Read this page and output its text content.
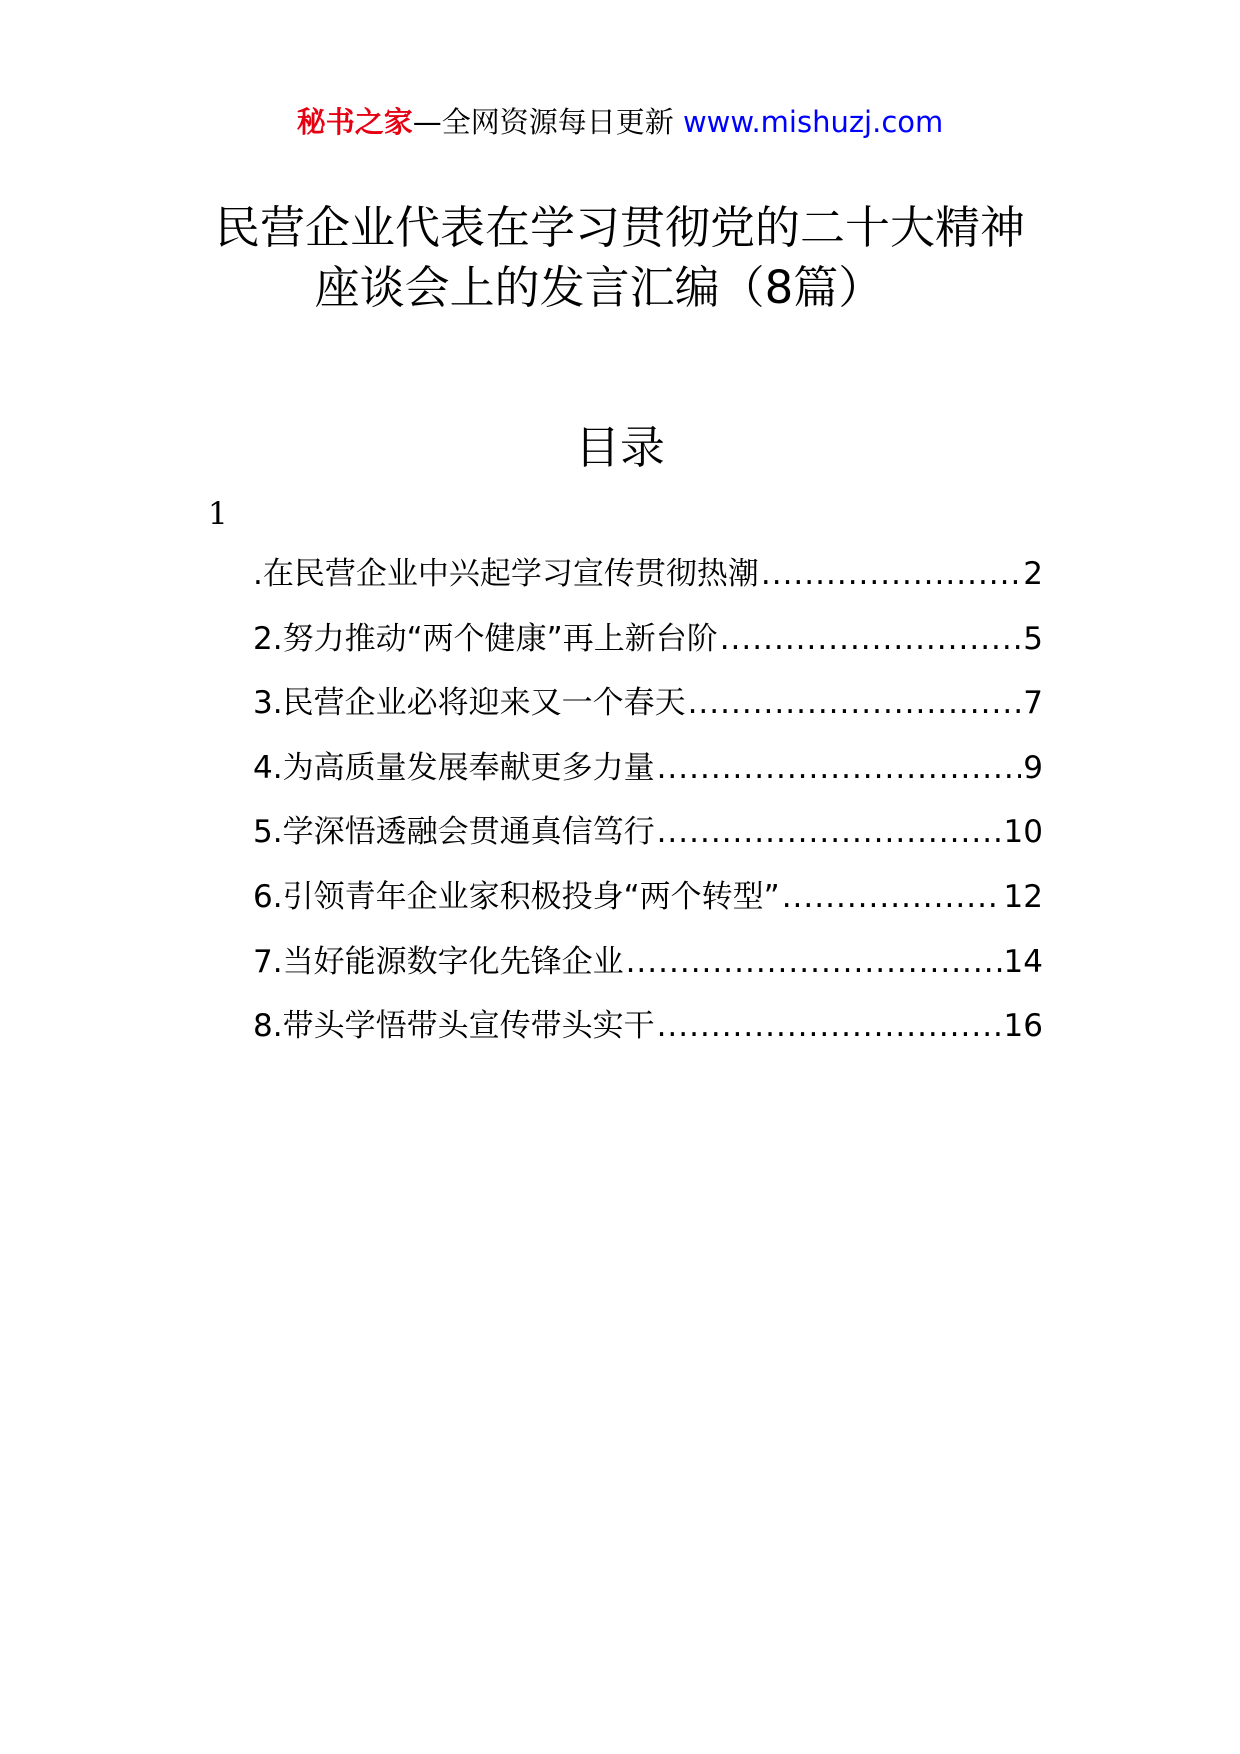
秘书之家—全网资源每日更新 www.mishuzj.com
民营企业代表在学习贯彻党的二十大精神
座谈会上的发言汇编（8篇）
目录
1
.在民营企业中兴起学习宣传贯彻热潮 .....	2
2.努力推动“两个健康”再上新台阶 .....	5
3.民营企业必将迎来又一个春天 .....	7
4.为高质量发展奉献更多力量 .....	9
5.学深悟透融会贯通真信笃行 .....	10
6.引领青年企业家积极投身“两个转型” .....	12
7.当好能源数字化先锋企业 .....	14
8.带头学悟带头宣传带头实干 .....	16
